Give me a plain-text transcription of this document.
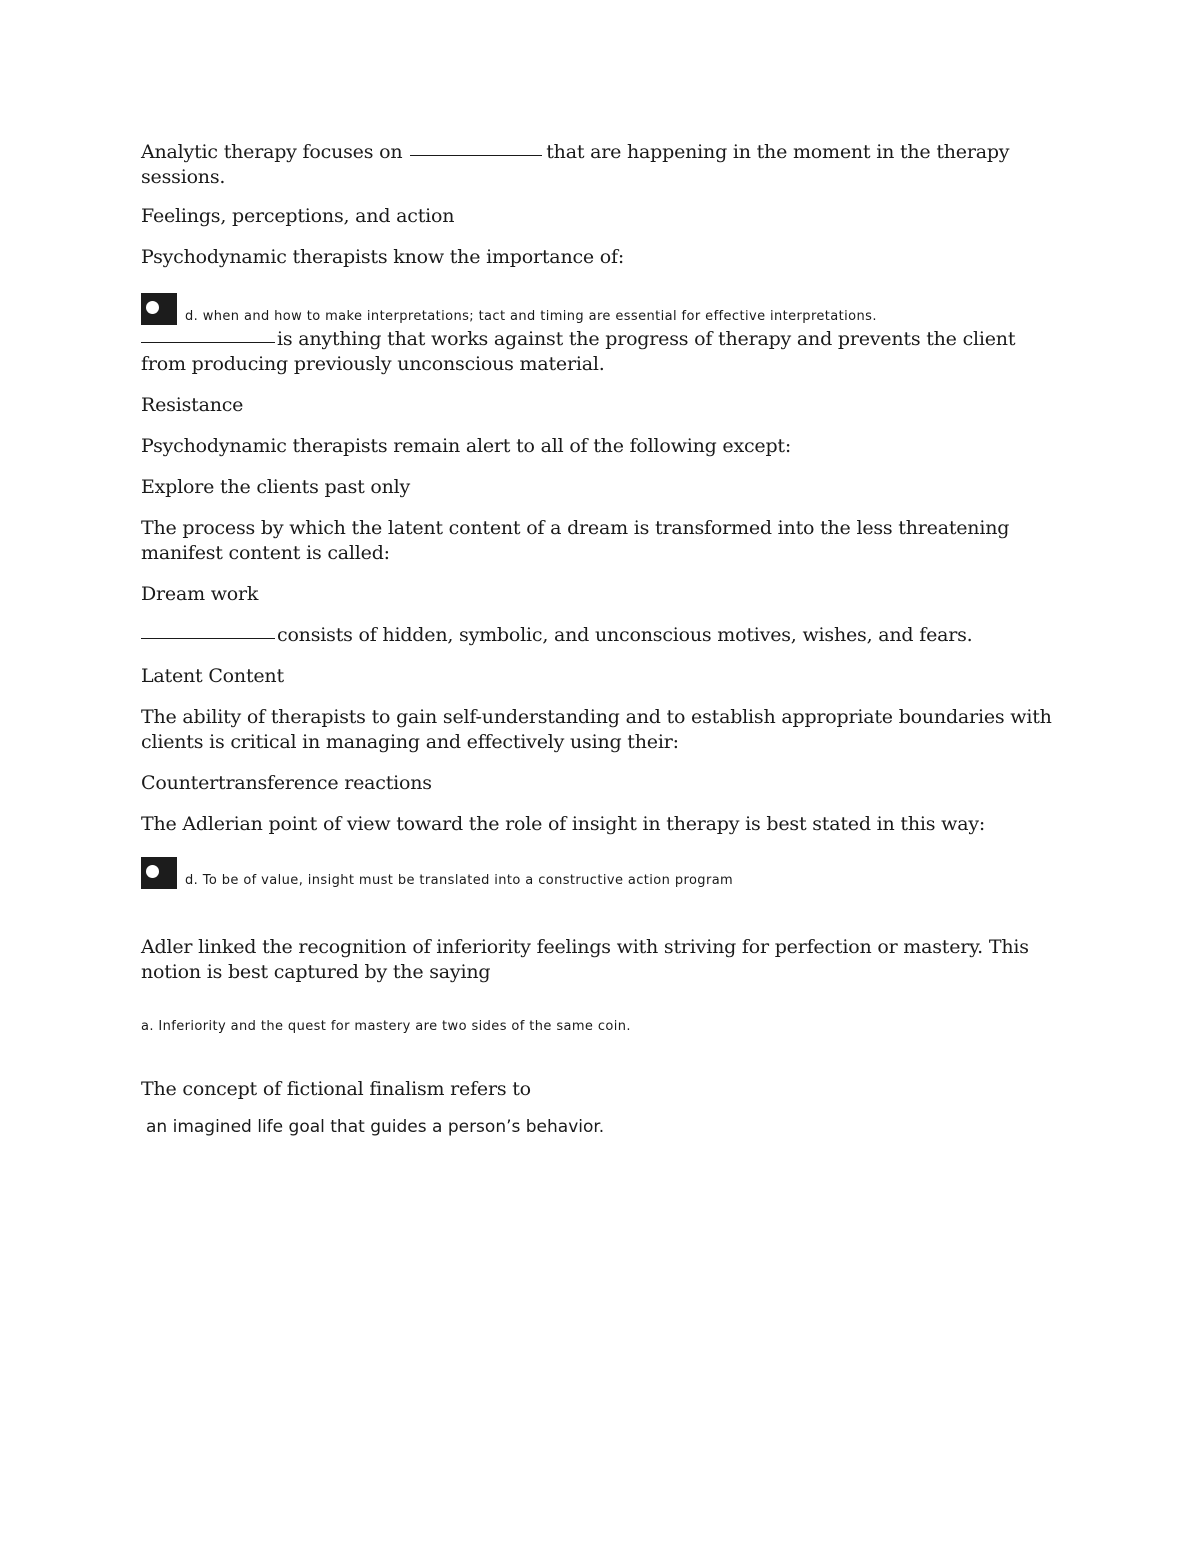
Analytic therapy focuses on	that are happening in the moment in the therapy sessions.

Feelings, perceptions, and action

Psychodynamic therapists know the importance of:

d. when and how to make interpretations; tact and timing are essential for effective interpretations.

is anything that works against the progress of therapy and prevents the client from producing previously unconscious material.

Resistance

Psychodynamic therapists remain alert to all of the following except:

Explore the clients past only

The process by which the latent content of a dream is transformed into the less threatening manifest content is called:

Dream work

consists of hidden, symbolic, and unconscious motives, wishes, and fears.

Latent Content

The ability of therapists to gain self-understanding and to establish appropriate boundaries with clients is critical in managing and effectively using their:

Countertransference reactions

The Adlerian point of view toward the role of insight in therapy is best stated in this way:

d. To be of value, insight must be translated into a constructive action program

Adler linked the recognition of inferiority feelings with striving for perfection or mastery. This notion is best captured by the saying

a. Inferiority and the quest for mastery are two sides of the same coin.

The concept of fictional finalism refers to

an imagined life goal that guides a person’s behavior.
